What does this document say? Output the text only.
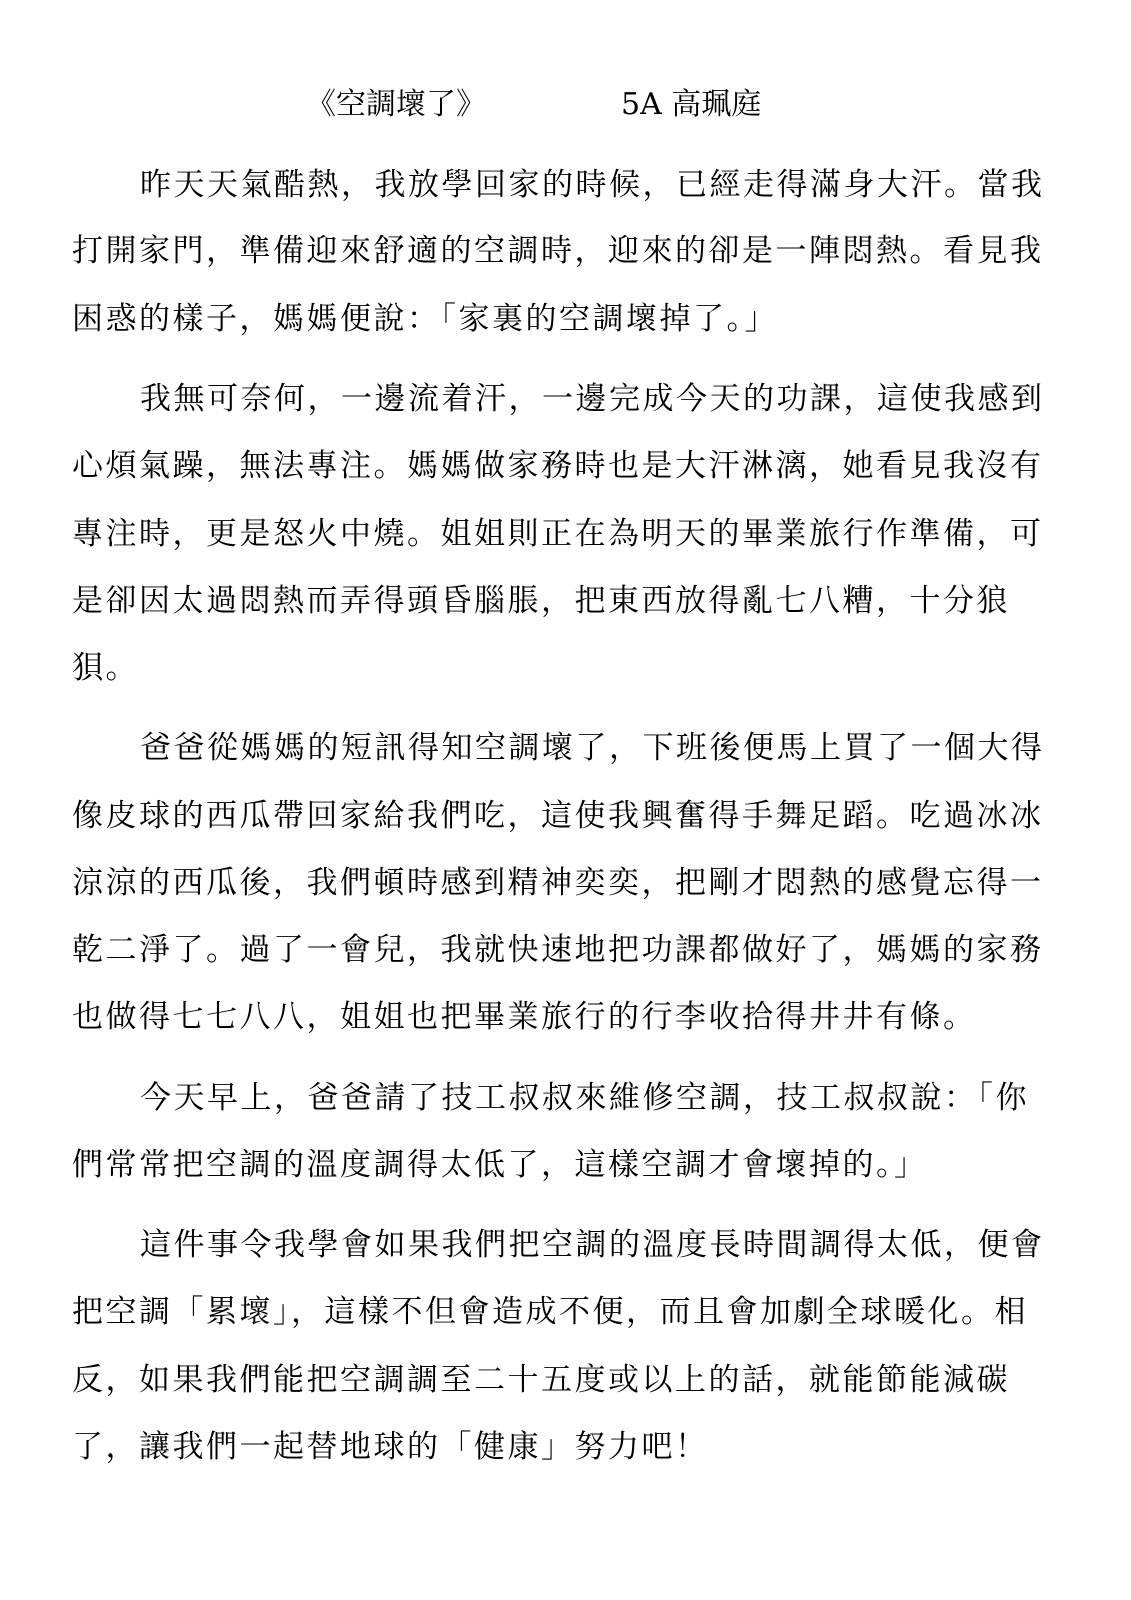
《空調壞了》	5A 高珮庭
昨天天氣酷熱，我放學回家的時候，已經走得滿身大汗。當我
打開家門，準備迎來舒適的空調時，迎來的卻是一陣悶熱。看見我
困惑的樣子，媽媽便說：「家裏的空調壞掉了。」
我無可奈何，一邊流着汗，一邊完成今天的功課，這使我感到
心煩氣躁，無法專注。媽媽做家務時也是大汗淋漓，她看見我沒有
專注時，更是怒火中燒。姐姐則正在為明天的畢業旅行作準備，可
是卻因太過悶熱而弄得頭昏腦脹，把東西放得亂七八糟，十分狼
狽。
爸爸從媽媽的短訊得知空調壞了，下班後便馬上買了一個大得
像皮球的西瓜帶回家給我們吃，這使我興奮得手舞足蹈。吃過冰冰
涼涼的西瓜後，我們頓時感到精神奕奕，把剛才悶熱的感覺忘得一
乾二淨了。過了一會兒，我就快速地把功課都做好了，媽媽的家務
也做得七七八八，姐姐也把畢業旅行的行李收拾得井井有條。
今天早上，爸爸請了技工叔叔來維修空調，技工叔叔說：「你
們常常把空調的溫度調得太低了，這樣空調才會壞掉的。」
這件事令我學會如果我們把空調的溫度長時間調得太低，便會
把空調「累壞」，這樣不但會造成不便，而且會加劇全球暖化。相
反，如果我們能把空調調至二十五度或以上的話，就能節能減碳
了，讓我們一起替地球的「健康」努力吧！
